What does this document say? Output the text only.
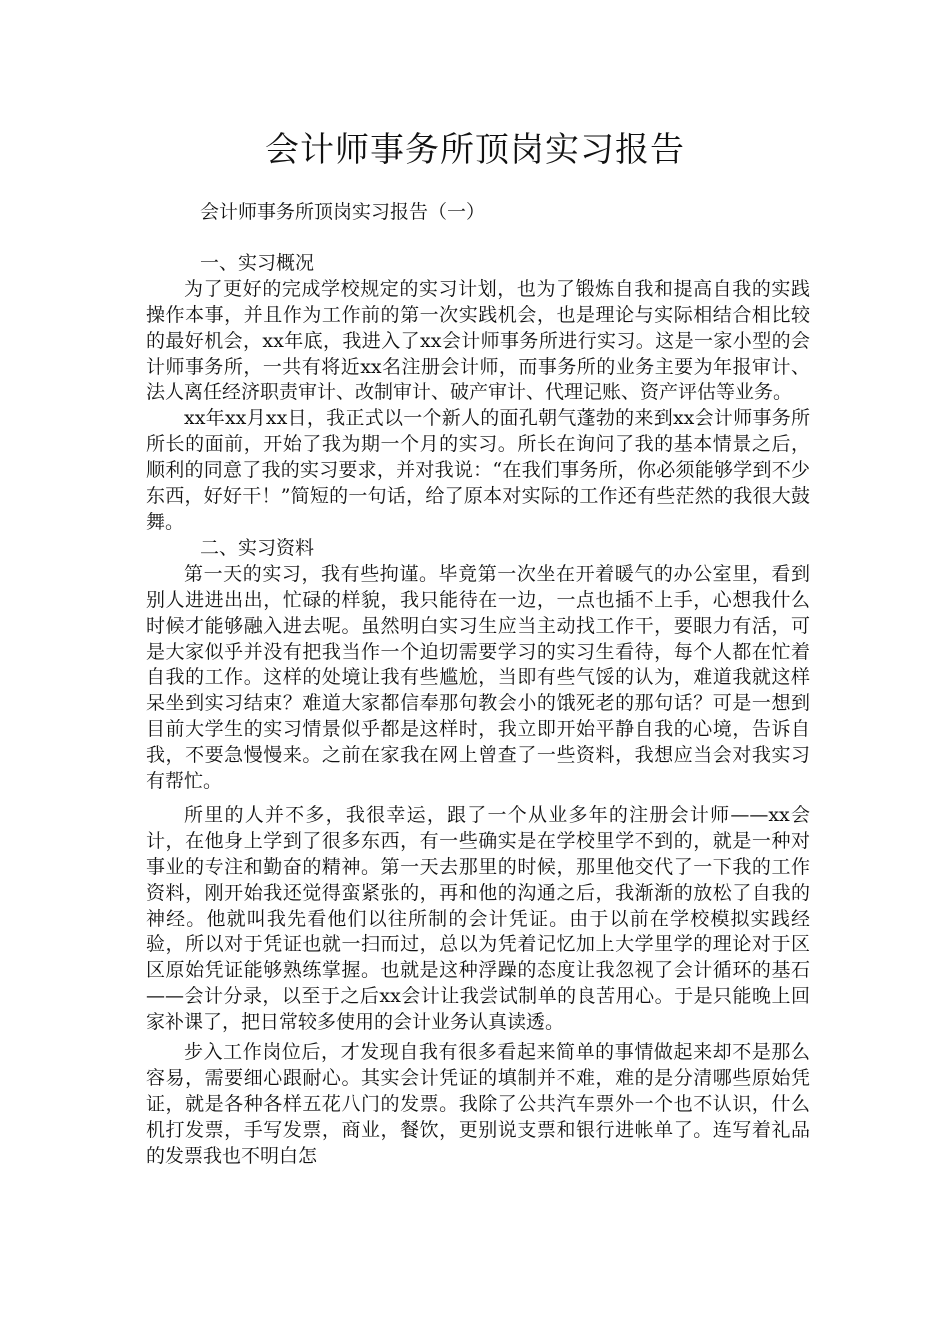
会计师事务所顶岗实习报告

会计师事务所顶岗实习报告（一）

一、实习概况

为了更好的完成学校规定的实习计划，也为了锻炼自我和提高自我的实践操作本事，并且作为工作前的第一次实践机会，也是理论与实际相结合相比较的最好机会，xx年底，我进入了xx会计师事务所进行实习。这是一家小型的会计师事务所，一共有将近xx名注册会计师，而事务所的业务主要为年报审计、法人离任经济职责审计、改制审计、破产审计、代理记账、资产评估等业务。

xx年xx月xx日，我正式以一个新人的面孔朝气蓬勃的来到xx会计师事务所所长的面前，开始了我为期一个月的实习。所长在询问了我的基本情景之后，顺利的同意了我的实习要求，并对我说：“在我们事务所，你必须能够学到不少东西，好好干！”简短的一句话，给了原本对实际的工作还有些茫然的我很大鼓舞。

二、实习资料

第一天的实习，我有些拘谨。毕竟第一次坐在开着暖气的办公室里，看到别人进进出出，忙碌的样貌，我只能待在一边，一点也插不上手，心想我什么时候才能够融入进去呢。虽然明白实习生应当主动找工作干，要眼力有活，可是大家似乎并没有把我当作一个迫切需要学习的实习生看待，每个人都在忙着自我的工作。这样的处境让我有些尴尬，当即有些气馁的认为，难道我就这样呆坐到实习结束？难道大家都信奉那句教会小的饿死老的那句话？可是一想到目前大学生的实习情景似乎都是这样时，我立即开始平静自我的心境，告诉自我，不要急慢慢来。之前在家我在网上曾查了一些资料，我想应当会对我实习有帮忙。

所里的人并不多，我很幸运，跟了一个从业多年的注册会计师——xx会计，在他身上学到了很多东西，有一些确实是在学校里学不到的，就是一种对事业的专注和勤奋的精神。第一天去那里的时候，那里他交代了一下我的工作资料，刚开始我还觉得蛮紧张的，再和他的沟通之后，我渐渐的放松了自我的神经。他就叫我先看他们以往所制的会计凭证。由于以前在学校模拟实践经验，所以对于凭证也就一扫而过，总以为凭着记忆加上大学里学的理论对于区区原始凭证能够熟练掌握。也就是这种浮躁的态度让我忽视了会计循环的基石——会计分录，以至于之后xx会计让我尝试制单的良苦用心。于是只能晚上回家补课了，把日常较多使用的会计业务认真读透。

步入工作岗位后，才发现自我有很多看起来简单的事情做起来却不是那么容易，需要细心跟耐心。其实会计凭证的填制并不难，难的是分清哪些原始凭证，就是各种各样五花八门的发票。我除了公共汽车票外一个也不认识，什么机打发票，手写发票，商业，餐饮，更别说支票和银行进帐单了。连写着礼品的发票我也不明白怎
